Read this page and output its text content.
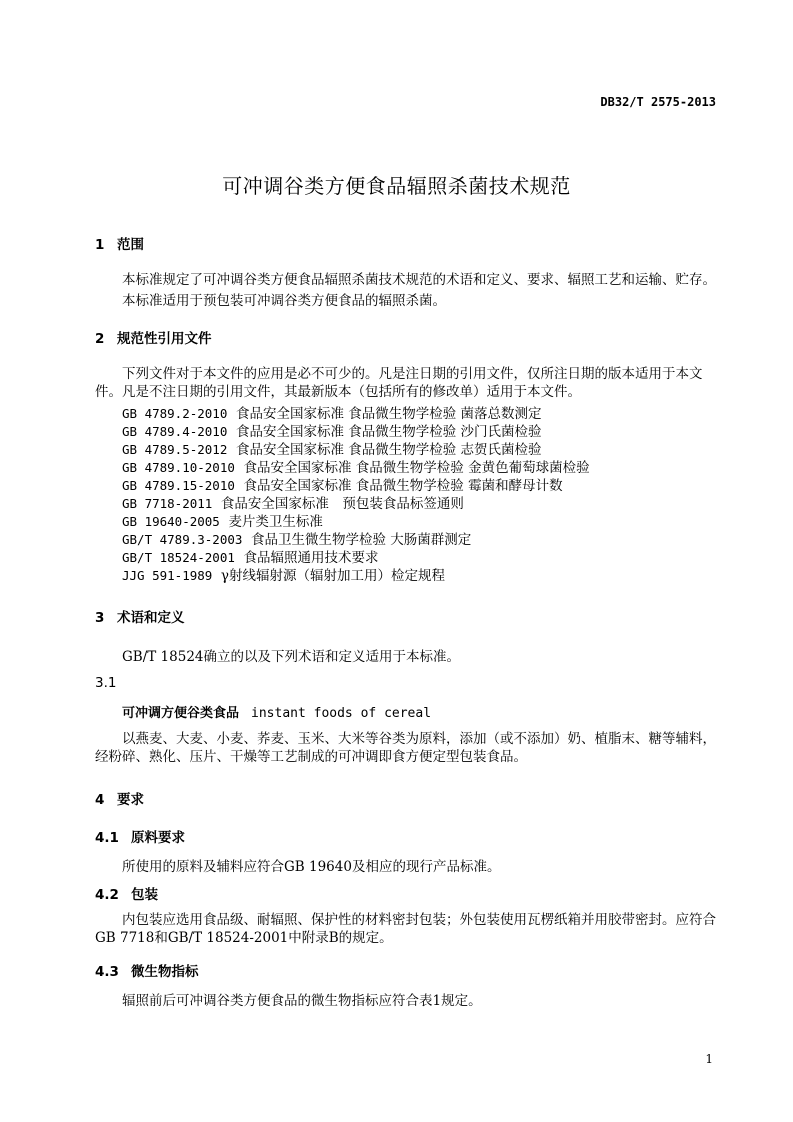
DB32/T 2575-2013
可冲调谷类方便食品辐照杀菌技术规范
1 范围
本标准规定了可冲调谷类方便食品辐照杀菌技术规范的术语和定义、要求、辐照工艺和运输、贮存。
本标准适用于预包装可冲调谷类方便食品的辐照杀菌。
2 规范性引用文件
下列文件对于本文件的应用是必不可少的。凡是注日期的引用文件，仅所注日期的版本适用于本文件。凡是不注日期的引用文件，其最新版本（包括所有的修改单）适用于本文件。
GB 4789.2-2010 食品安全国家标准 食品微生物学检验 菌落总数测定
GB 4789.4-2010 食品安全国家标准 食品微生物学检验 沙门氏菌检验
GB 4789.5-2012 食品安全国家标准 食品微生物学检验 志贺氏菌检验
GB 4789.10-2010 食品安全国家标准 食品微生物学检验 金黄色葡萄球菌检验
GB 4789.15-2010 食品安全国家标准 食品微生物学检验 霉菌和酵母计数
GB 7718-2011 食品安全国家标准　预包装食品标签通则
GB 19640-2005 麦片类卫生标准
GB/T 4789.3-2003 食品卫生微生物学检验 大肠菌群测定
GB/T 18524-2001 食品辐照通用技术要求
JJG 591-1989 γ射线辐射源（辐射加工用）检定规程
3 术语和定义
GB/T 18524确立的以及下列术语和定义适用于本标准。
3.1
可冲调方便谷类食品 instant foods of cereal
以燕麦、大麦、小麦、荞麦、玉米、大米等谷类为原料，添加（或不添加）奶、植脂末、糖等辅料，经粉碎、熟化、压片、干燥等工艺制成的可冲调即食方便定型包装食品。
4 要求
4.1 原料要求
所使用的原料及辅料应符合GB 19640及相应的现行产品标准。
4.2 包装
内包装应选用食品级、耐辐照、保护性的材料密封包装；外包装使用瓦楞纸箱并用胶带密封。应符合GB 7718和GB/T 18524-2001中附录B的规定。
4.3 微生物指标
辐照前后可冲调谷类方便食品的微生物指标应符合表1规定。
1
